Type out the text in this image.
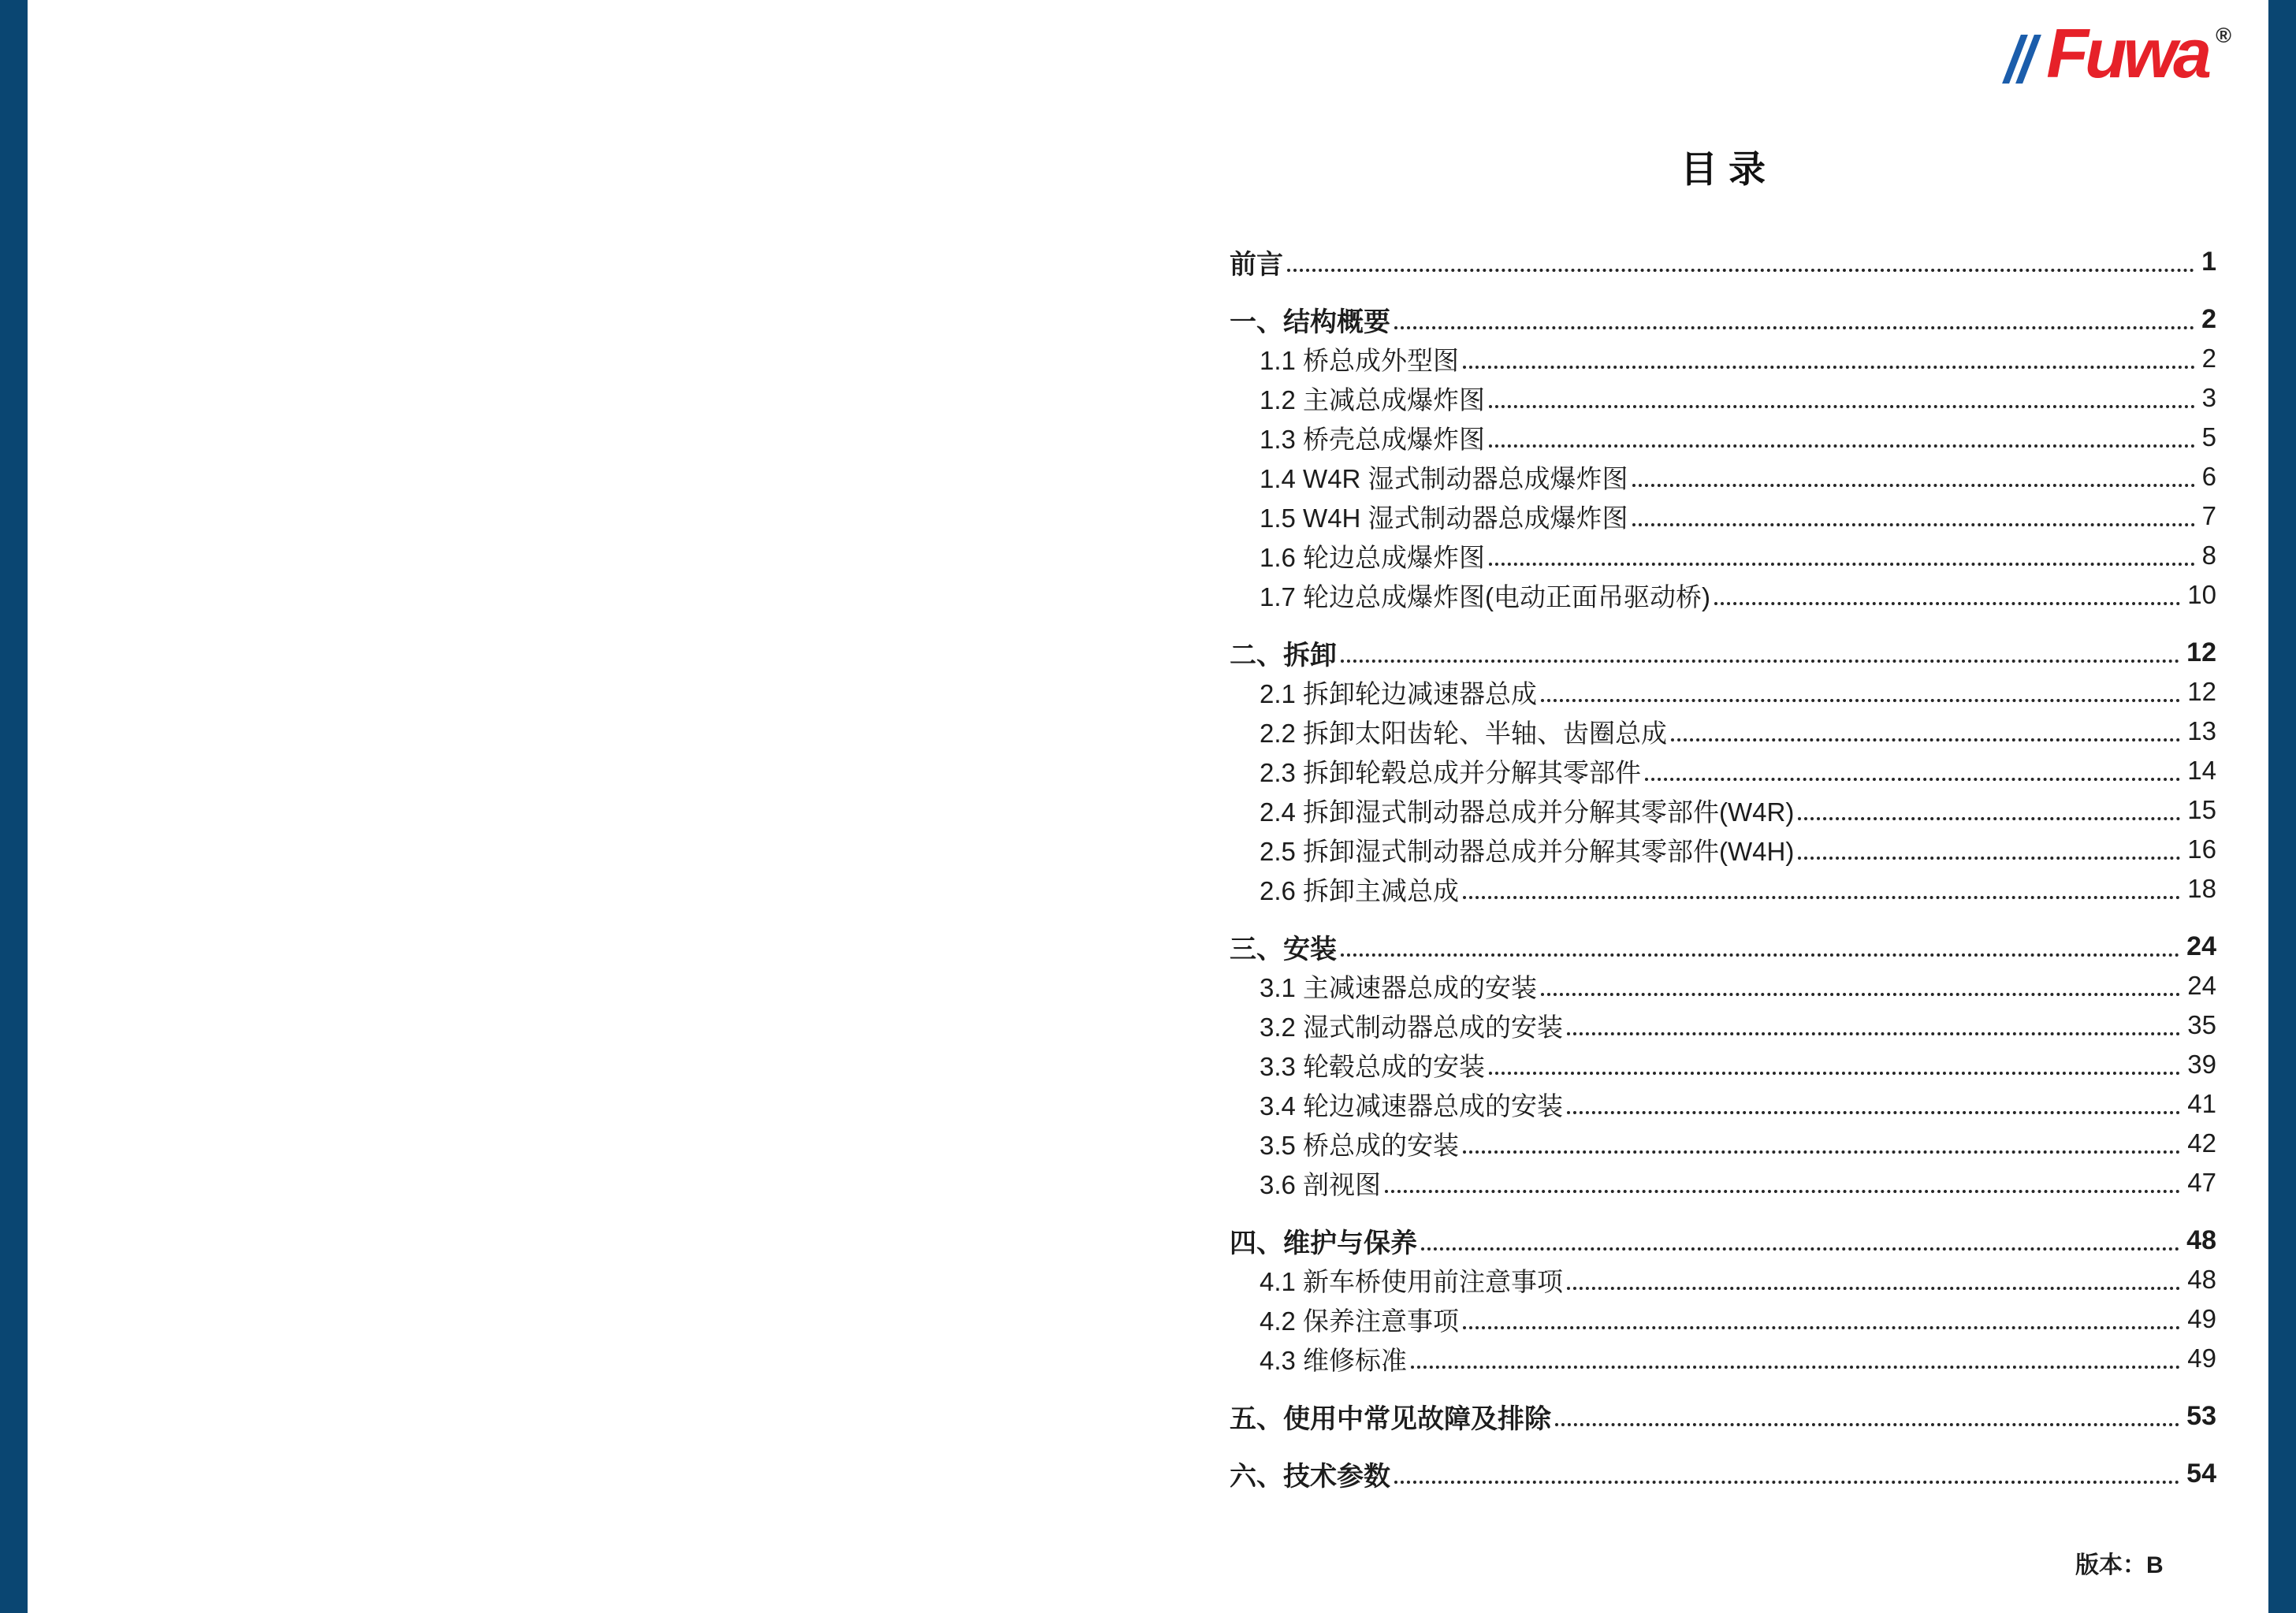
Fuwa ®
目录
前言	1
一、结构概要	2
1.1 桥总成外型图	2
1.2 主减总成爆炸图	3
1.3 桥壳总成爆炸图	5
1.4 W4R 湿式制动器总成爆炸图	6
1.5 W4H 湿式制动器总成爆炸图	7
1.6 轮边总成爆炸图	8
1.7 轮边总成爆炸图(电动正面吊驱动桥)	10
二、拆卸	12
2.1 拆卸轮边减速器总成	12
2.2 拆卸太阳齿轮、半轴、齿圈总成	13
2.3 拆卸轮毂总成并分解其零部件	14
2.4 拆卸湿式制动器总成并分解其零部件(W4R)	15
2.5 拆卸湿式制动器总成并分解其零部件(W4H)	16
2.6 拆卸主减总成	18
三、安装	24
3.1 主减速器总成的安装	24
3.2 湿式制动器总成的安装	35
3.3 轮毂总成的安装	39
3.4 轮边减速器总成的安装	41
3.5 桥总成的安装	42
3.6 剖视图	47
四、维护与保养	48
4.1 新车桥使用前注意事项	48
4.2 保养注意事项	49
4.3 维修标准	49
五、使用中常见故障及排除	53
六、技术参数	54
版本：B
